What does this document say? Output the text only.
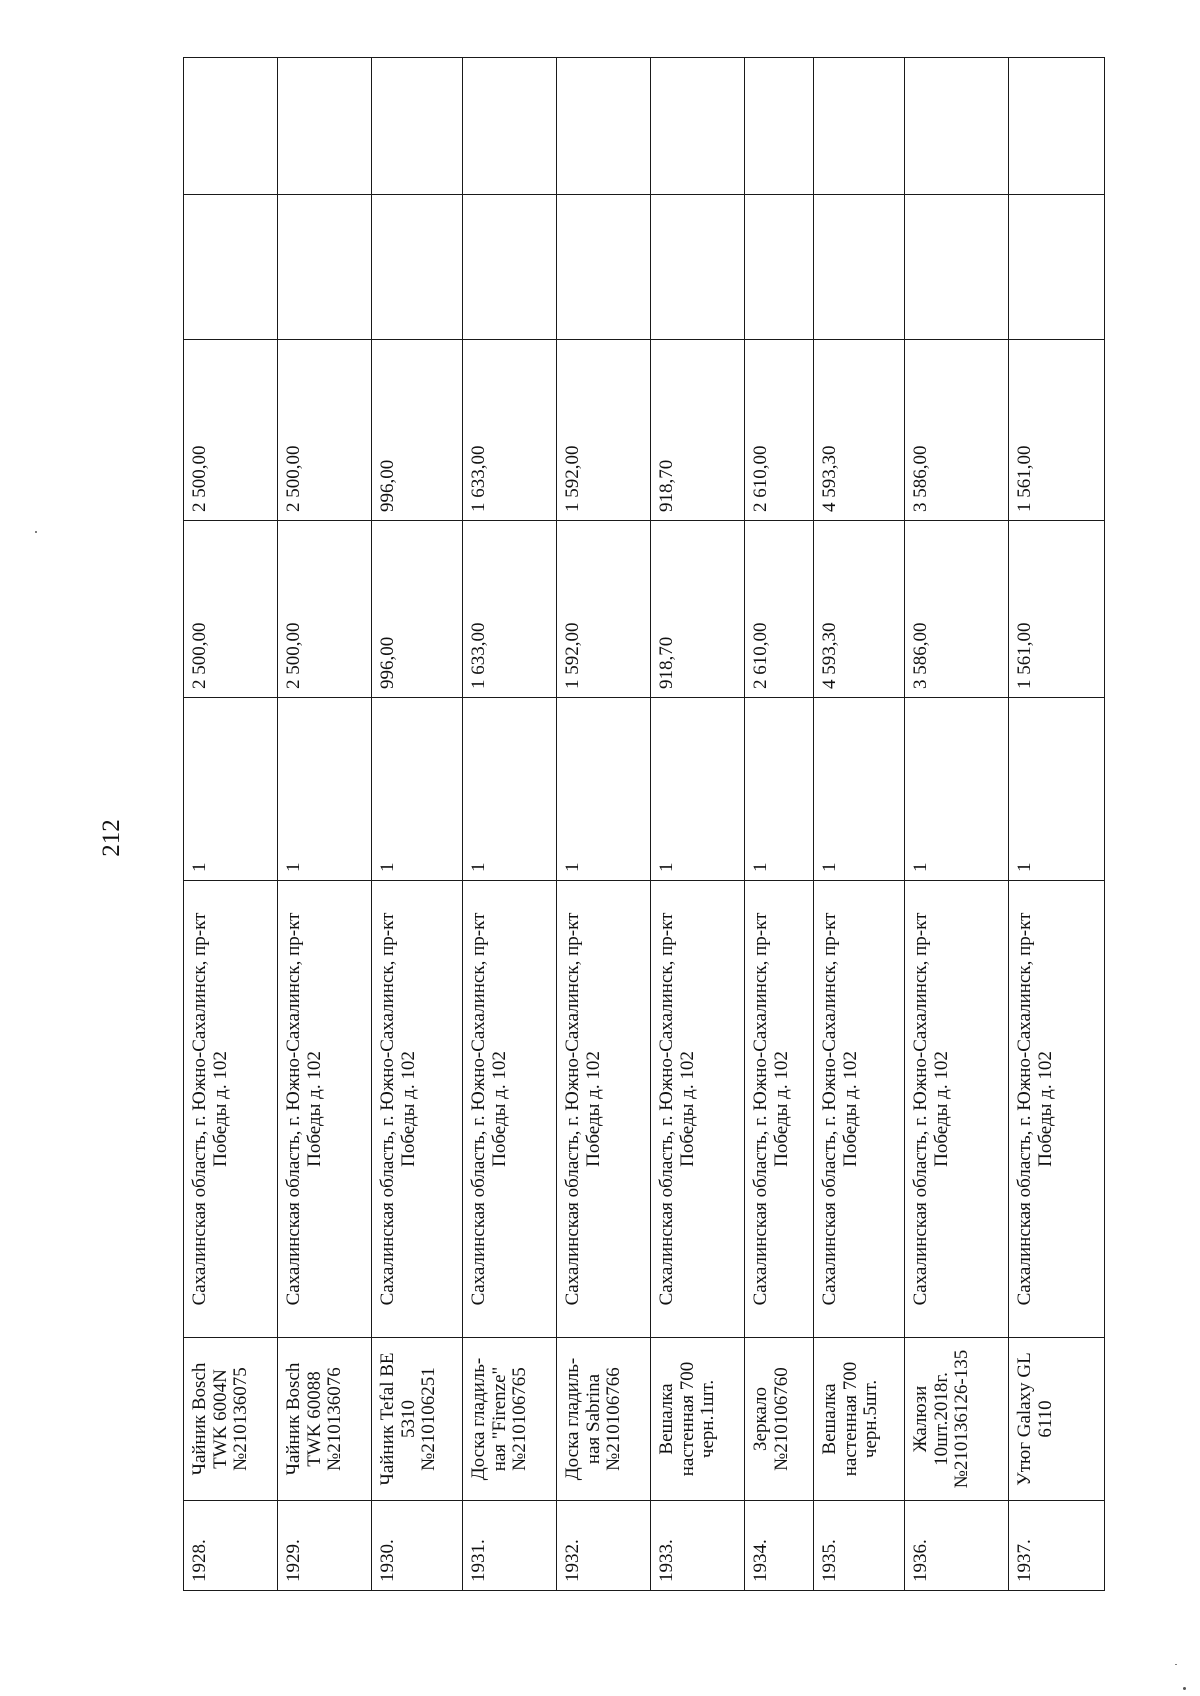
212
1928.	Чайник Bosch TWK 6004N №210136075	Сахалинская область, г. Южно-Сахалинск, пр-кт Победы д. 102	1	2 500,00	2 500,00		
1929.	Чайник Bosch TWK 60088 №210136076	Сахалинская область, г. Южно-Сахалинск, пр-кт Победы д. 102	1	2 500,00	2 500,00		
1930.	Чайник Tefal BE 5310 №210106251	Сахалинская область, г. Южно-Сахалинск, пр-кт Победы д. 102	1	996,00	996,00		
1931.	Доска гладиль-ная "Firenze" №210106765	Сахалинская область, г. Южно-Сахалинск, пр-кт Победы д. 102	1	1 633,00	1 633,00		
1932.	Доска гладиль-ная Sabrina №210106766	Сахалинская область, г. Южно-Сахалинск, пр-кт Победы д. 102	1	1 592,00	1 592,00		
1933.	Вешалка настенная 700 черн.1шт.	Сахалинская область, г. Южно-Сахалинск, пр-кт Победы д. 102	1	918,70	918,70		
1934.	Зеркало №210106760	Сахалинская область, г. Южно-Сахалинск, пр-кт Победы д. 102	1	2 610,00	2 610,00		
1935.	Вешалка настенная 700 черн.5шт.	Сахалинская область, г. Южно-Сахалинск, пр-кт Победы д. 102	1	4 593,30	4 593,30		
1936.	Жалюзи 10шт.2018г.№210136126-135	Сахалинская область, г. Южно-Сахалинск, пр-кт Победы д. 102	1	3 586,00	3 586,00		
1937.	Утюг Galaxy GL 6110	Сахалинская область, г. Южно-Сахалинск, пр-кт Победы д. 102	1	1 561,00	1 561,00		
